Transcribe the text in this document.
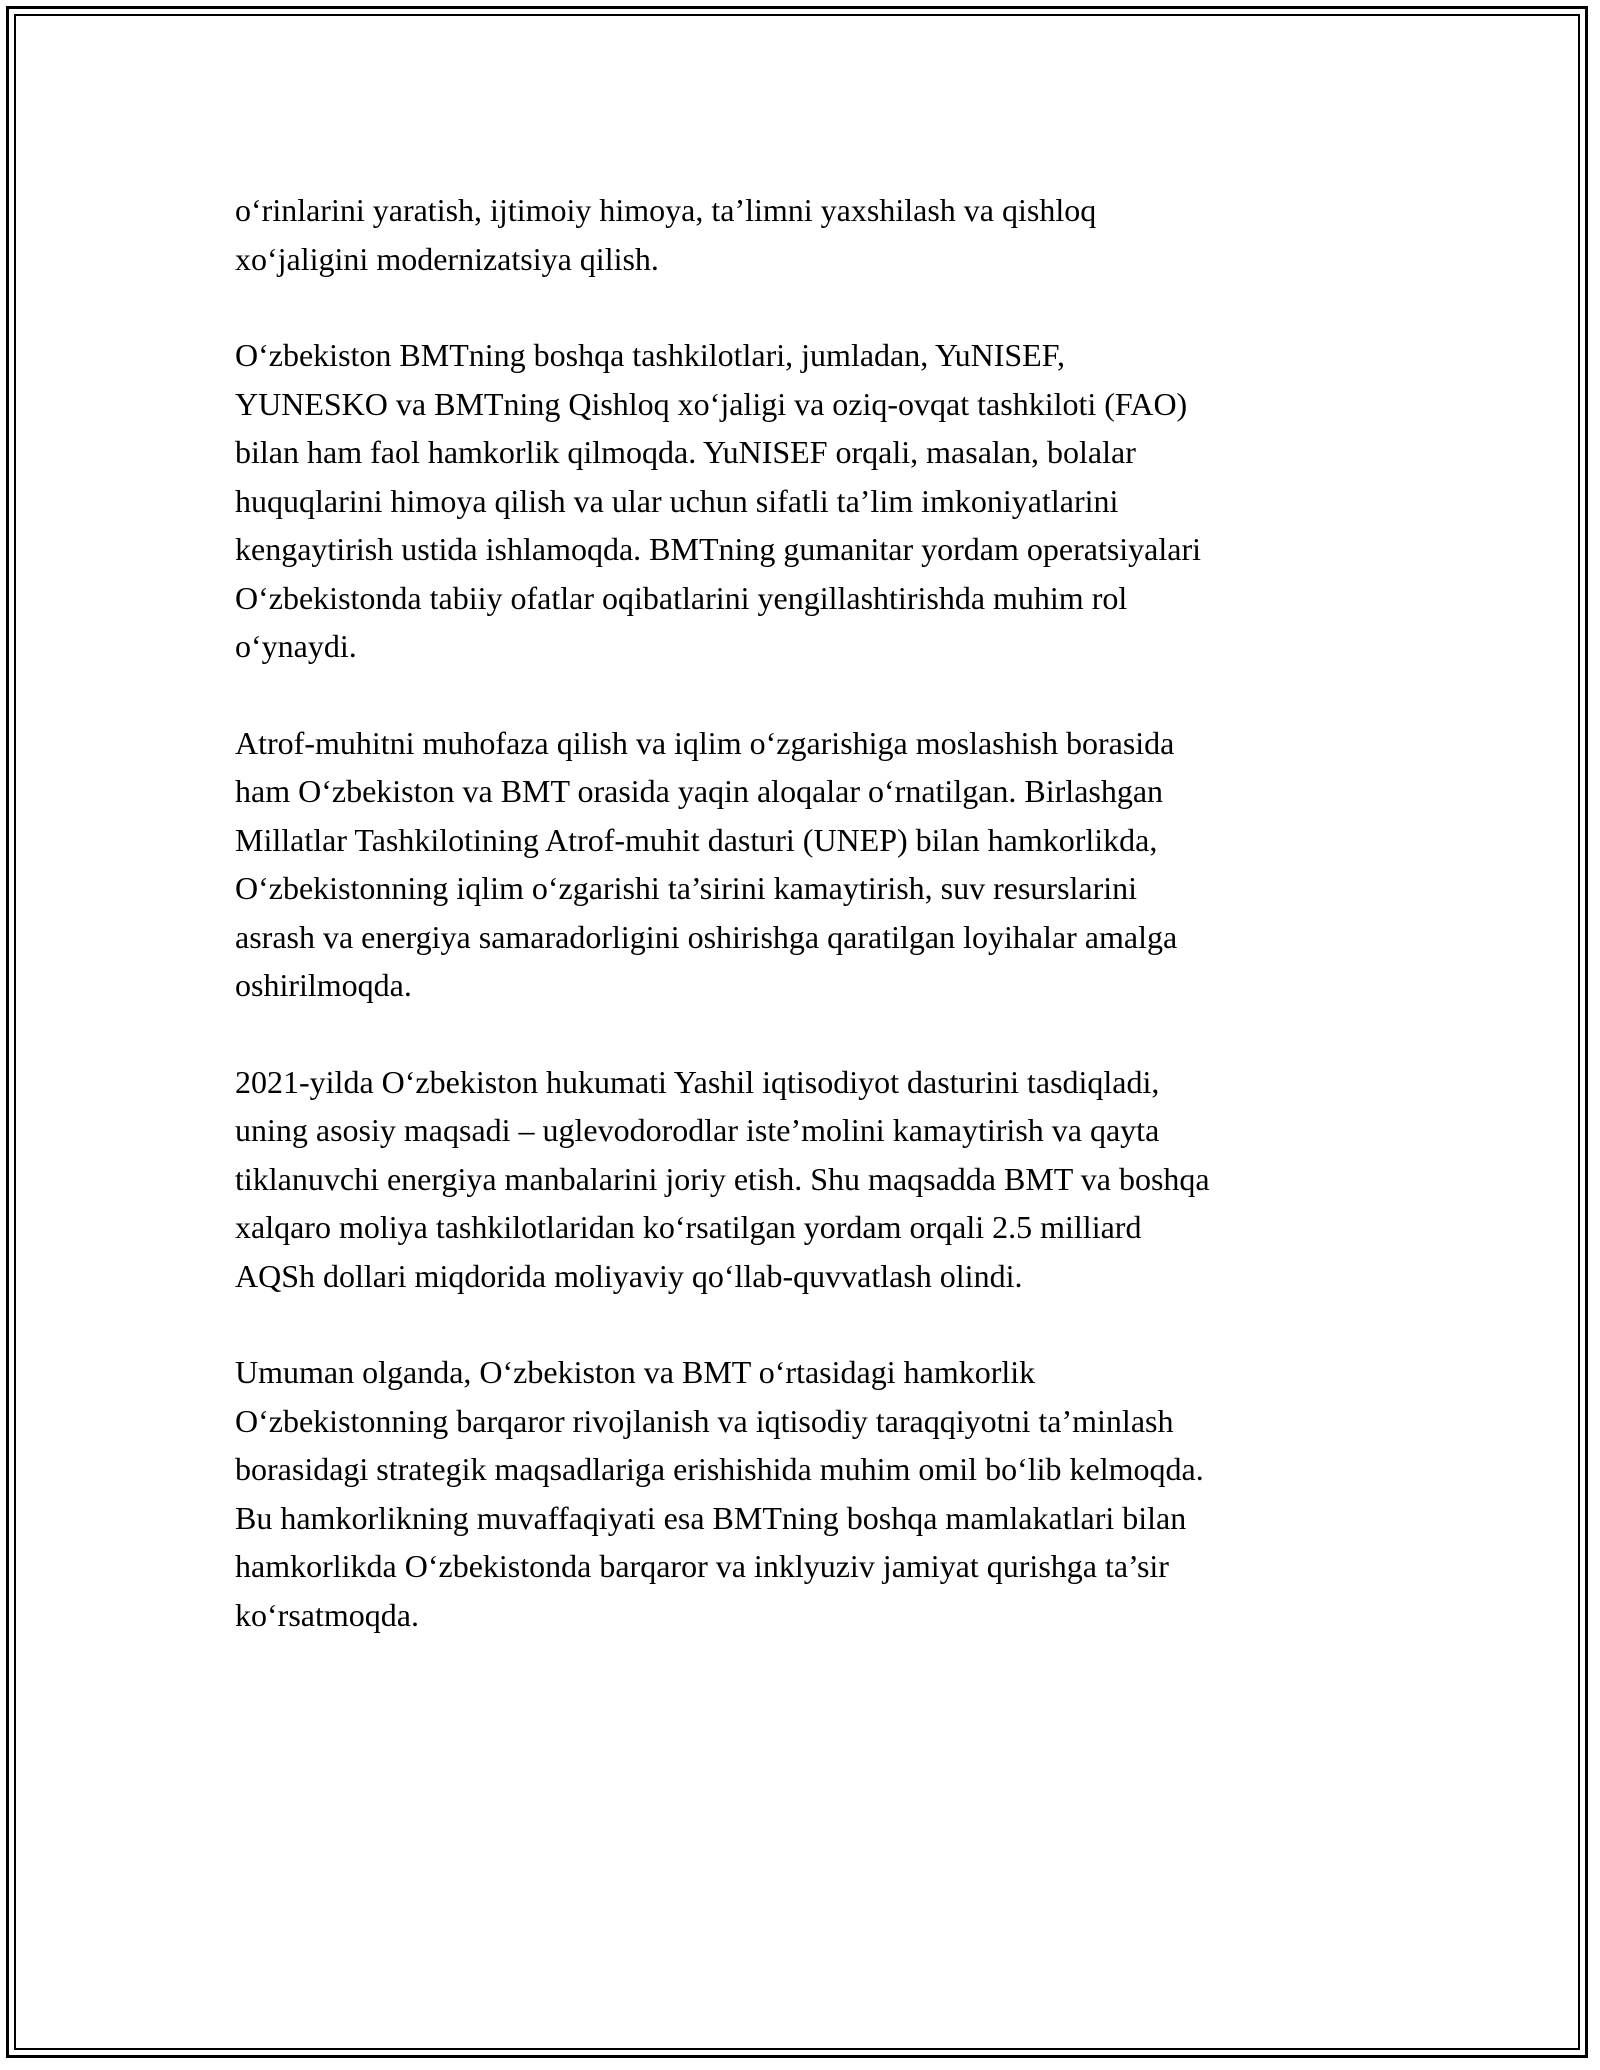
o‘rinlarini yaratish, ijtimoiy himoya, ta’limni yaxshilash va qishloq
xo‘jaligini modernizatsiya qilish.

O‘zbekiston BMTning boshqa tashkilotlari, jumladan, YuNISEF,
YUNESKO va BMTning Qishloq xo‘jaligi va oziq-ovqat tashkiloti (FAO)
bilan ham faol hamkorlik qilmoqda. YuNISEF orqali, masalan, bolalar
huquqlarini himoya qilish va ular uchun sifatli ta’lim imkoniyatlarini
kengaytirish ustida ishlamoqda. BMTning gumanitar yordam operatsiyalari
O‘zbekistonda tabiiy ofatlar oqibatlarini yengillashtirishda muhim rol
o‘ynaydi.

Atrof-muhitni muhofaza qilish va iqlim o‘zgarishiga moslashish borasida
ham O‘zbekiston va BMT orasida yaqin aloqalar o‘rnatilgan. Birlashgan
Millatlar Tashkilotining Atrof-muhit dasturi (UNEP) bilan hamkorlikda,
O‘zbekistonning iqlim o‘zgarishi ta’sirini kamaytirish, suv resurslarini
asrash va energiya samaradorligini oshirishga qaratilgan loyihalar amalga
oshirilmoqda.

2021-yilda O‘zbekiston hukumati Yashil iqtisodiyot dasturini tasdiqladi,
uning asosiy maqsadi – uglevodorodlar iste’molini kamaytirish va qayta
tiklanuvchi energiya manbalarini joriy etish. Shu maqsadda BMT va boshqa
xalqaro moliya tashkilotlaridan ko‘rsatilgan yordam orqali 2.5 milliard
AQSh dollari miqdorida moliyaviy qo‘llab-quvvatlash olindi.

Umuman olganda, O‘zbekiston va BMT o‘rtasidagi hamkorlik
O‘zbekistonning barqaror rivojlanish va iqtisodiy taraqqiyotni ta’minlash
borasidagi strategik maqsadlariga erishishida muhim omil bo‘lib kelmoqda.
Bu hamkorlikning muvaffaqiyati esa BMTning boshqa mamlakatlari bilan
hamkorlikda O‘zbekistonda barqaror va inklyuziv jamiyat qurishga ta’sir
ko‘rsatmoqda.
